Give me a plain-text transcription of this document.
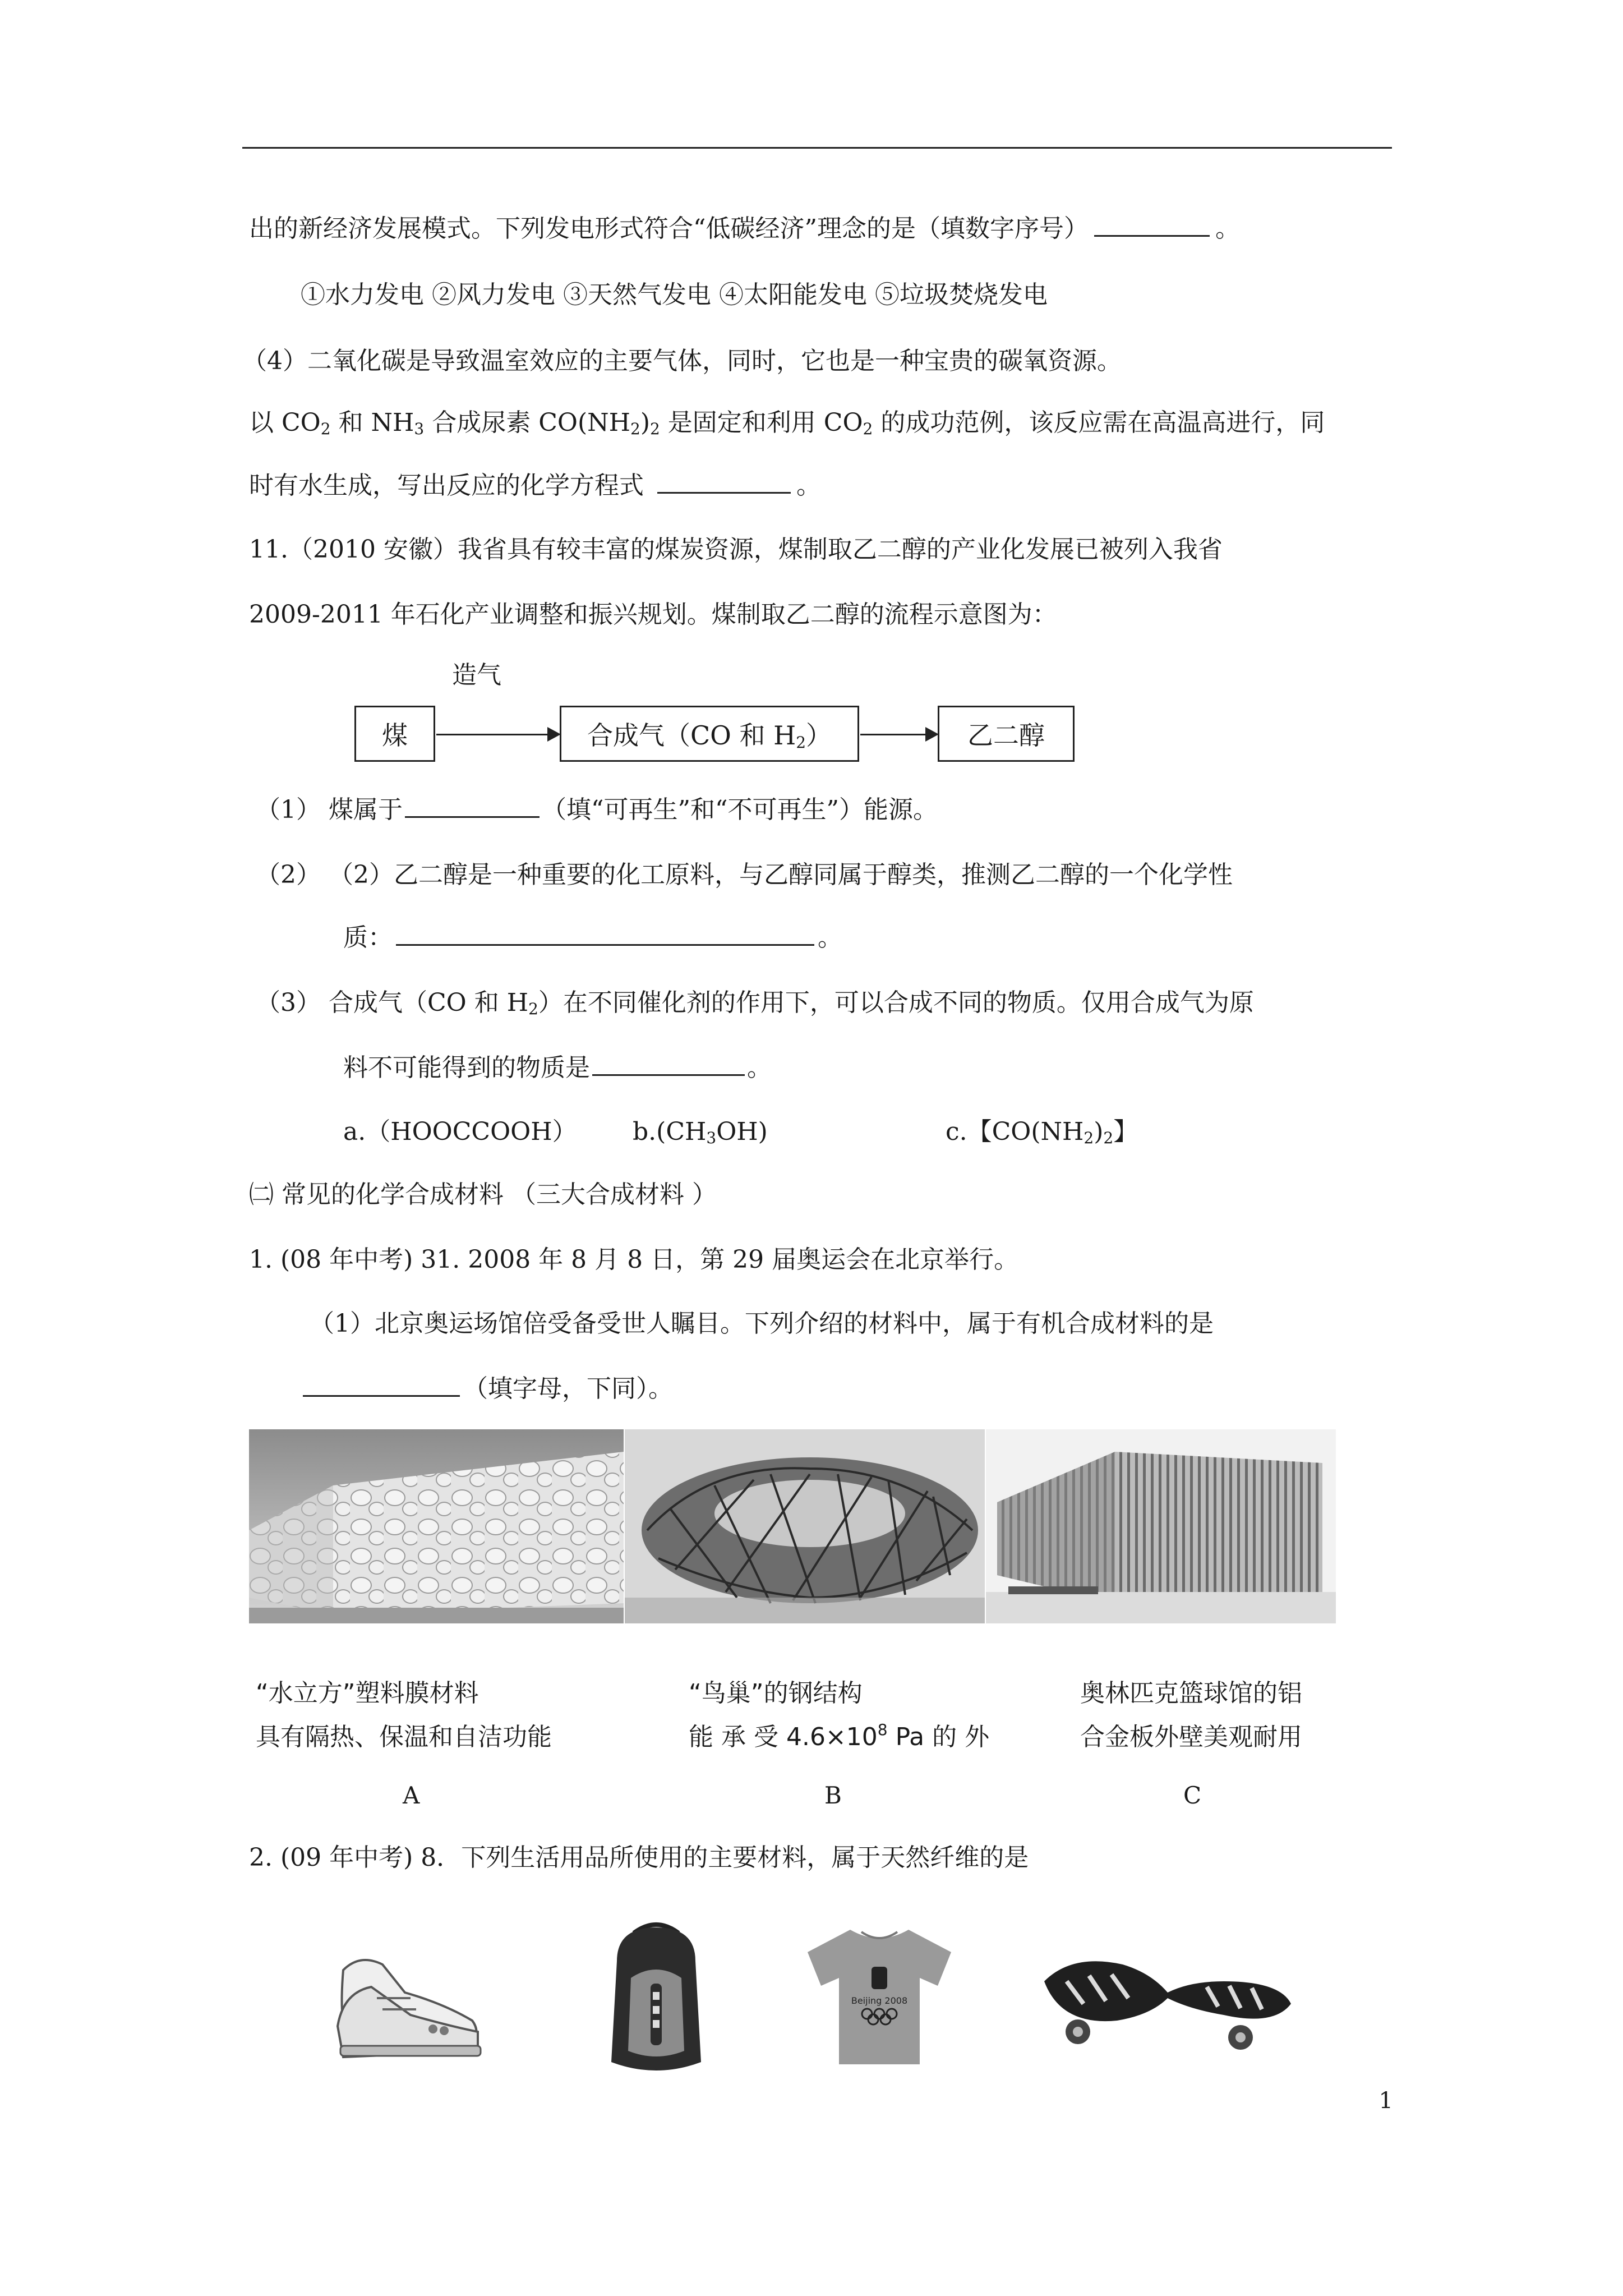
出的新经济发展模式。下列发电形式符合“低碳经济”理念的是（填数字序号）	。
①水力发电 ②风力发电 ③天然气发电 ④太阳能发电 ⑤垃圾焚烧发电
（4）二氧化碳是导致温室效应的主要气体，同时，它也是一种宝贵的碳氧资源。
以 $CO_2$ 和 $NH_3$ 合成尿素 $CO(NH_2)_2$ 是固定和利用 $CO_2$ 的成功范例，该反应需在高温高进行，同
时有水生成，写出反应的化学方程式	。
11.（2010 安徽）我省具有较丰富的煤炭资源，煤制取乙二醇的产业化发展已被列入我省
2009-2011 年石化产业调整和振兴规划。煤制取乙二醇的流程示意图为：
造气
煤	合成气（CO 和 $H_2$）	乙二醇
（1） 煤属于	（填“可再生”和“不可再生”）能源。
（2） （2）乙二醇是一种重要的化工原料，与乙醇同属于醇类，推测乙二醇的一个化学性
质：	。
（3） 合成气（CO 和 $H_2$）在不同催化剂的作用下，可以合成不同的物质。仅用合成气为原
料不可能得到的物质是	。
a.（HOOCCOOH） $b.(CH_3OH)$	c.【$CO(NH_2)_2$】
㈡ 常见的化学合成材料 （三大合成材料 ）
1. (08 年中考) 31. 2008 年 8 月 8 日，第 29 届奥运会在北京举行。
（1）北京奥运场馆倍受备受世人瞩目。下列介绍的材料中，属于有机合成材料的是
（填字母，下同）。
“水立方”塑料膜材料
具有隔热、保温和自洁功能
“鸟巢”的钢结构
能 承 受 $4.6\times 10^8$ Pa 的 外
奥林匹克篮球馆的铝
合金板外壁美观耐用
A	B	C
2. (09 年中考) 8．下列生活用品所使用的主要材料，属于天然纤维的是
Beijing 2008
1
